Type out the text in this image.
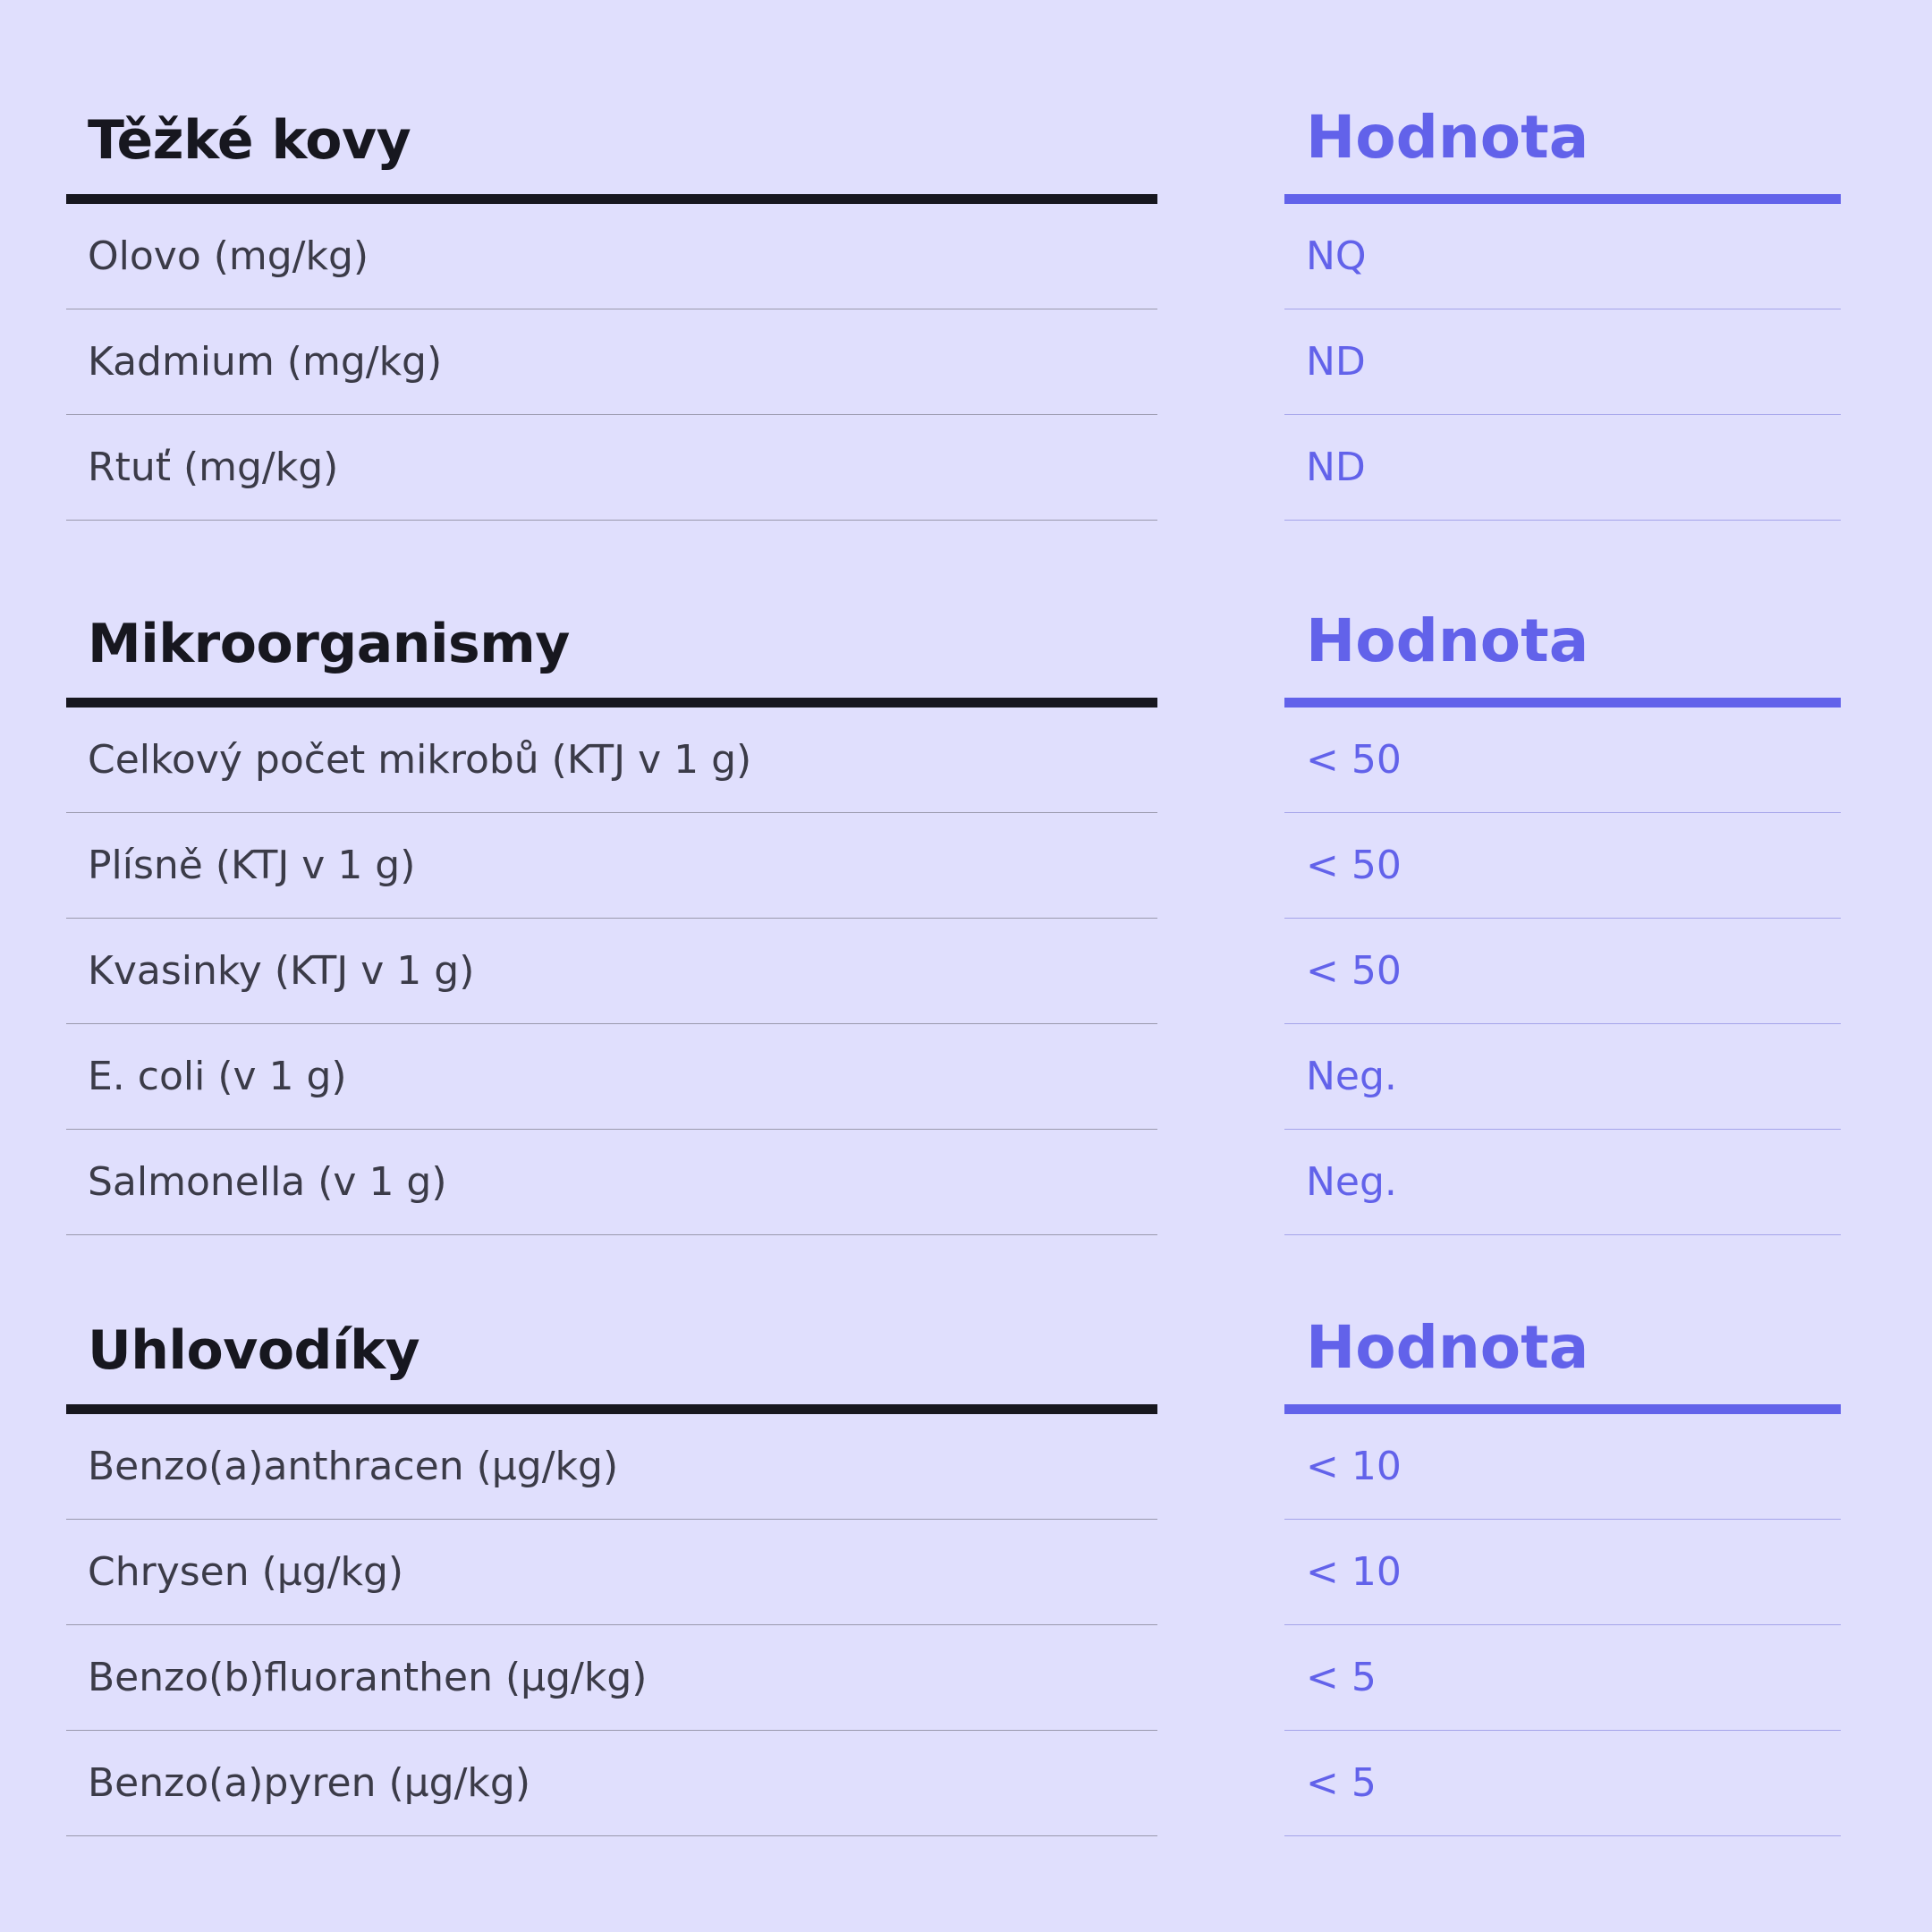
Těžké kovy
Olovo (mg/kg)
Kadmium (mg/kg)
Rtuť (mg/kg)
Hodnota
NQ
ND
ND
Mikroorganismy
Celkový počet mikrobů (KTJ v 1 g)
Plísně (KTJ v 1 g)
Kvasinky (KTJ v 1 g)
E. coli (v 1 g)
Salmonella (v 1 g)
Hodnota
< 50
< 50
< 50
Neg.
Neg.
Uhlovodíky
Benzo(a)anthracen (µg/kg)
Chrysen (µg/kg)
Benzo(b)fluoranthen (µg/kg)
Benzo(a)pyren (µg/kg)
Hodnota
< 10
< 10
< 5
< 5
